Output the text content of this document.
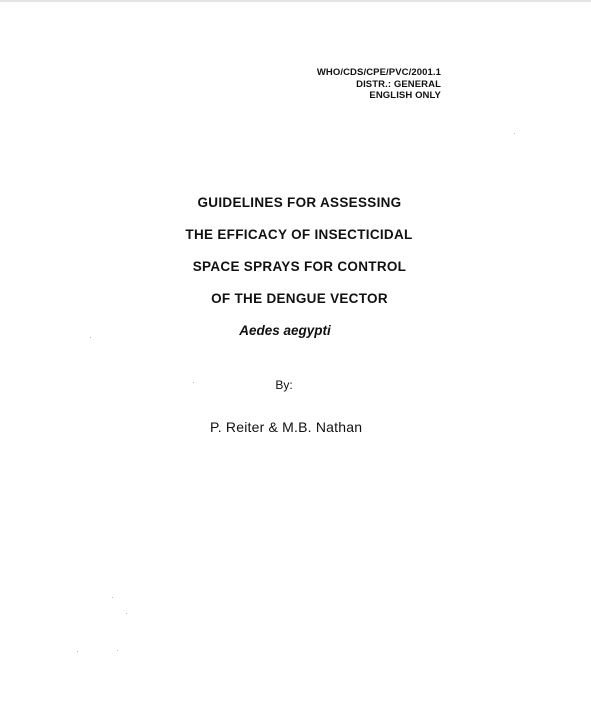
WHO/CDS/CPE/PVC/2001.1
DISTR.: GENERAL
ENGLISH ONLY
GUIDELINES FOR ASSESSING
THE EFFICACY OF INSECTICIDAL
SPACE SPRAYS FOR CONTROL
OF THE DENGUE VECTOR
Aedes aegypti
By:
P. Reiter & M.B. Nathan
